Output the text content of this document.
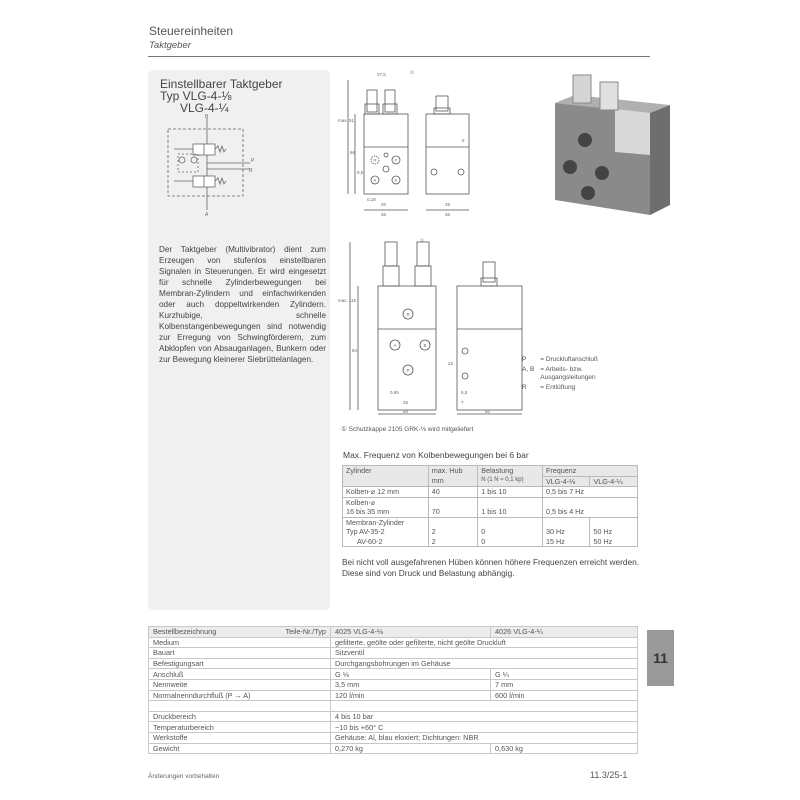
Steuereinheiten
Taktgeber
Einstellbarer Taktgeber
Typ VLG-4-⅛
VLG-4-¼
B
A
P
R
Der Taktgeber (Multivibrator) dient zum Erzeugen von stufenlos einstellbaren Signalen in Steuerungen. Er wird eingesetzt für schnelle Zylinderbewegungen bei Membran-Zylindern und einfachwirkenden oder auch doppeltwirkenden Zylindern. Kurzhubige, schnelle Kolbenstangenbewegungen sind notwendig zur Erregung von Schwingförderern, zum Abklopfen von Absauganlagen, Bunkern oder zur Bewegung kleinerer Siebrüttelanlagen.
27,5	①
36
20
0,18
25
36
max. 91
66
8,5
5
R	P
A	B
①
25
0,95
50	50
6,5
7
max. 115
84
22
R
A	B
P
P	= Druckluftanschluß
A, B	= Arbeits- bzw. Ausgangsleitungen
R	= Entlüftung
① Schutzkappe 2105 GRK-⅛ wird mitgeliefert
Max. Frequenz von Kolbenbewegungen bei 6 bar
Zylinder	max. Hub	Belastung	Frequenz	
	mm	N (1 N ≈ 0,1 kp)	VLG-4-⅛	VLG-4-¼
Kolben-⌀ 12 mm	40	1 bis 10	0,5 bis 7 Hz	
Kolben-⌀				
16 bis 35 mm	70	1 bis 10	0,5 bis 4 Hz	
Membran-Zylinder				
Typ AV-35-2	2	0	30 Hz	50 Hz
AV-60-2	2	0	15 Hz	50 Hz
Bei nicht voll ausgefahrenen Hüben können höhere Frequenzen erreicht werden. Diese sind von Druck und Belastung abhängig.
Bestellbezeichnung Teile-Nr./Typ	4025 VLG-4-⅛	4026 VLG-4-¼
Medium	gefilterte, geölte oder gefilterte, nicht geölte Druckluft	
Bauart	Sitzventil	
Befestigungsart	Durchgangsbohrungen im Gehäuse	
Anschluß	G ⅛	G ¼
Nennweite	3,5 mm	7 mm
Normalnenndurchfluß (P → A)	120 l/min	600 l/min

Druckbereich	4 bis 10 bar	
Temperaturbereich	−10 bis +60° C	
Werkstoffe	Gehäuse: Al, blau eloxiert; Dichtungen: NBR	
Gewicht	0,270 kg	0,630 kg
11
Änderungen vorbehalten	11.3/25-1
